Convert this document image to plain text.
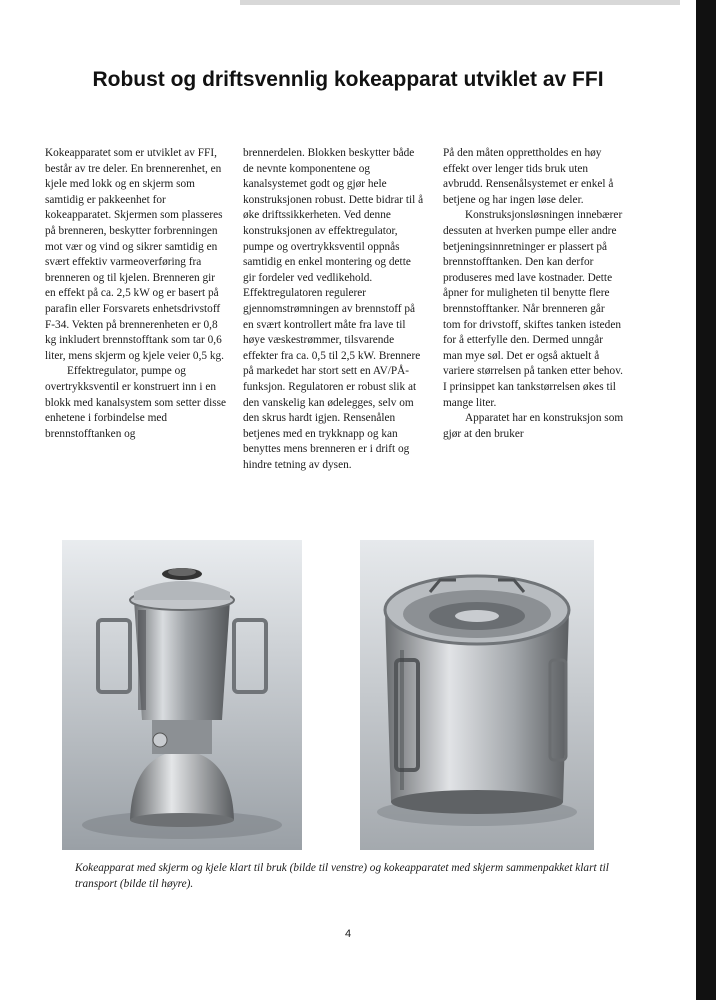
Robust og driftsvennlig kokeapparat utviklet av FFI

Kokeapparatet som er utviklet av FFI, består av tre deler. En brennerenhet, en kjele med lokk og en skjerm som samtidig er pakkeenhet for kokeapparatet. Skjermen som plasseres på brenneren, beskytter forbrenningen mot vær og vind og sikrer samtidig en svært effektiv varmeoverføring fra brenneren og til kjelen. Brenneren gir en effekt på ca. 2,5 kW og er basert på parafin eller Forsvarets enhetsdrivstoff F-34. Vekten på brennerenheten er 0,8 kg inkludert brennstofftank som tar 0,6 liter, mens skjerm og kjele veier 0,5 kg.

Effektregulator, pumpe og overtrykksventil er konstruert inn i en blokk med kanalsystem som setter disse enhetene i forbindelse med brennstofftanken og

brennerdelen. Blokken beskytter både de nevnte komponentene og kanalsystemet godt og gjør hele konstruksjonen robust. Dette bidrar til å øke driftssikkerheten. Ved denne konstruksjonen av effektregulator, pumpe og overtrykksventil oppnås samtidig en enkel montering og dette gir fordeler ved vedlikehold. Effektregulatoren regulerer gjennomstrømningen av brennstoff på en svært kontrollert måte fra lave til høye væskestrømmer, tilsvarende effekter fra ca. 0,5 til 2,5 kW. Brennere på markedet har stort sett en AV/PÅ-funksjon. Regulatoren er robust slik at den vanskelig kan ødelegges, selv om den skrus hardt igjen. Rensenålen betjenes med en trykknapp og kan benyttes mens brenneren er i drift og hindre tetning av dysen.

På den måten opprettholdes en høy effekt over lenger tids bruk uten avbrudd. Rensenålsystemet er enkel å betjene og har ingen løse deler.

Konstruksjonsløsningen innebærer dessuten at hverken pumpe eller andre betjeningsinnretninger er plassert på brennstofftanken. Den kan derfor produseres med lave kostnader. Dette åpner for muligheten til benytte flere brennstofftanker. Når brenneren går tom for drivstoff, skiftes tanken isteden for å etterfylle den. Dermed unngår man mye søl. Det er også aktuelt å variere størrelsen på tanken etter behov. I prinsippet kan tankstørrelsen økes til mange liter.

Apparatet har en konstruksjon som gjør at den bruker

Kokeapparat med skjerm og kjele klart til bruk (bilde til venstre) og kokeapparatet med skjerm sammenpakket klart til transport (bilde til høyre).

4
